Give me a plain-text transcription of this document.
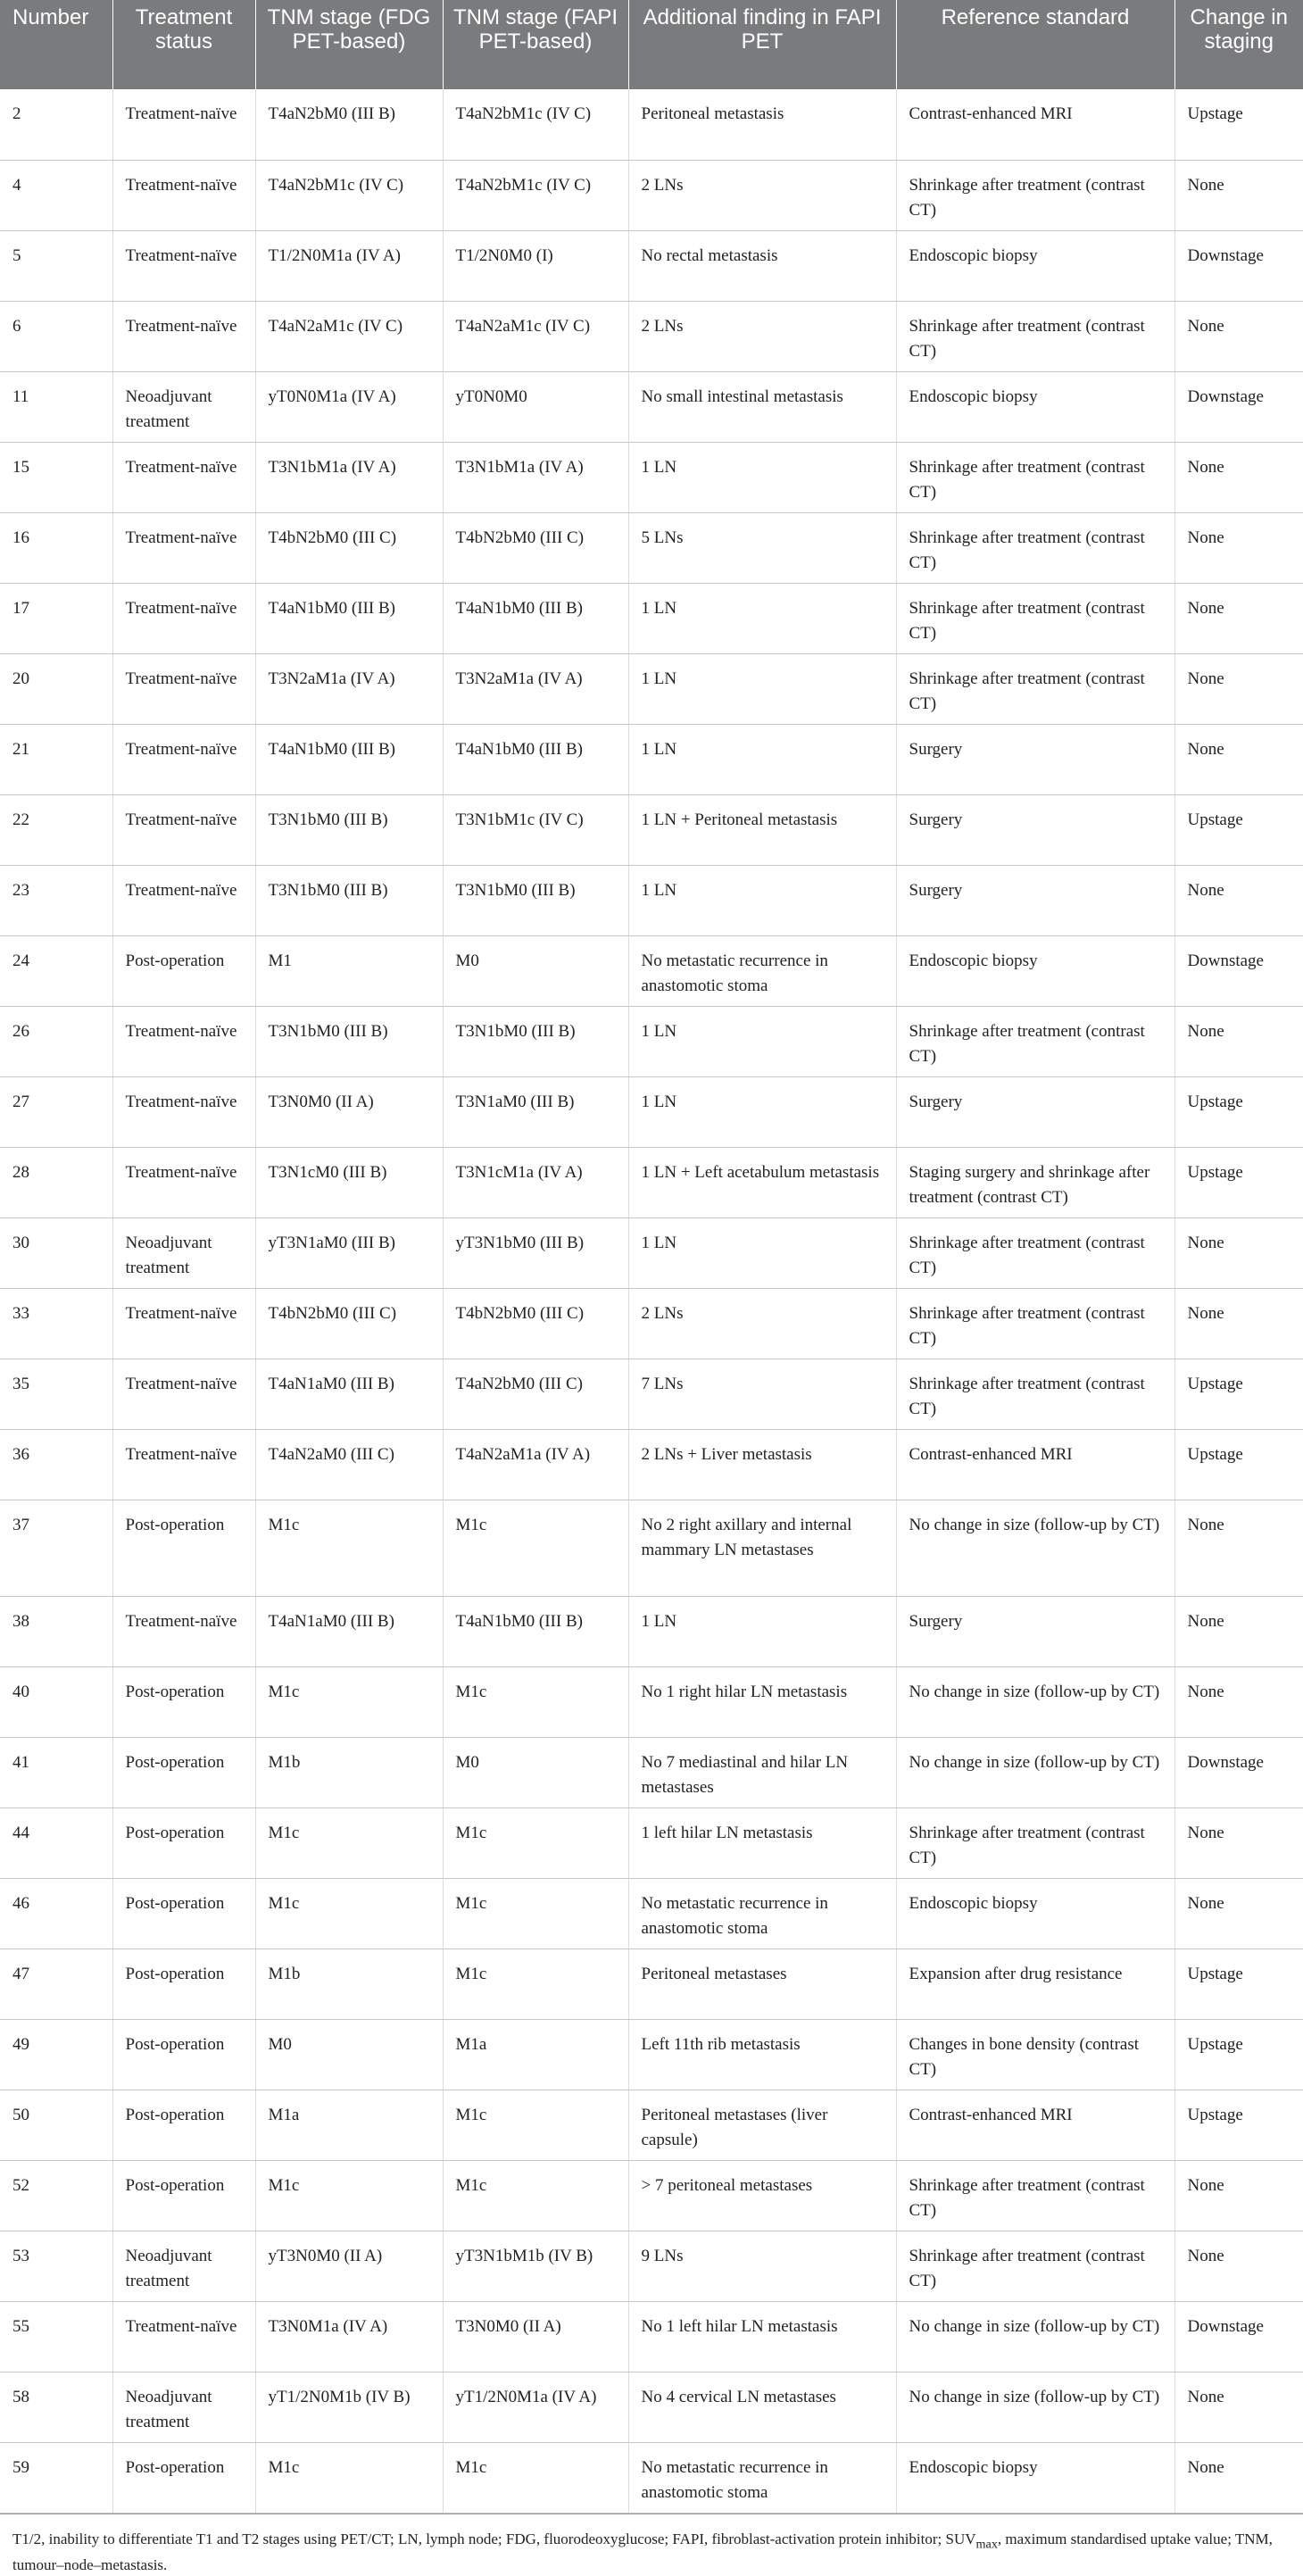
Number	Treatment status	TNM stage (FDG PET-based)	TNM stage (FAPI PET-based)	Additional finding in FAPI PET	Reference standard	Change in staging
2	Treatment-naïve	T4aN2bM0 (III B)	T4aN2bM1c (IV C)	Peritoneal metastasis	Contrast-enhanced MRI	Upstage
4	Treatment-naïve	T4aN2bM1c (IV C)	T4aN2bM1c (IV C)	2 LNs	Shrinkage after treatment (contrast CT)	None
5	Treatment-naïve	T1/2N0M1a (IV A)	T1/2N0M0 (I)	No rectal metastasis	Endoscopic biopsy	Downstage
6	Treatment-naïve	T4aN2aM1c (IV C)	T4aN2aM1c (IV C)	2 LNs	Shrinkage after treatment (contrast CT)	None
11	Neoadjuvant treatment	yT0N0M1a (IV A)	yT0N0M0	No small intestinal metastasis	Endoscopic biopsy	Downstage
15	Treatment-naïve	T3N1bM1a (IV A)	T3N1bM1a (IV A)	1 LN	Shrinkage after treatment (contrast CT)	None
16	Treatment-naïve	T4bN2bM0 (III C)	T4bN2bM0 (III C)	5 LNs	Shrinkage after treatment (contrast CT)	None
17	Treatment-naïve	T4aN1bM0 (III B)	T4aN1bM0 (III B)	1 LN	Shrinkage after treatment (contrast CT)	None
20	Treatment-naïve	T3N2aM1a (IV A)	T3N2aM1a (IV A)	1 LN	Shrinkage after treatment (contrast CT)	None
21	Treatment-naïve	T4aN1bM0 (III B)	T4aN1bM0 (III B)	1 LN	Surgery	None
22	Treatment-naïve	T3N1bM0 (III B)	T3N1bM1c (IV C)	1 LN + Peritoneal metastasis	Surgery	Upstage
23	Treatment-naïve	T3N1bM0 (III B)	T3N1bM0 (III B)	1 LN	Surgery	None
24	Post-operation	M1	M0	No metastatic recurrence in anastomotic stoma	Endoscopic biopsy	Downstage
26	Treatment-naïve	T3N1bM0 (III B)	T3N1bM0 (III B)	1 LN	Shrinkage after treatment (contrast CT)	None
27	Treatment-naïve	T3N0M0 (II A)	T3N1aM0 (III B)	1 LN	Surgery	Upstage
28	Treatment-naïve	T3N1cM0 (III B)	T3N1cM1a (IV A)	1 LN + Left acetabulum metastasis	Staging surgery and shrinkage after treatment (contrast CT)	Upstage
30	Neoadjuvant treatment	yT3N1aM0 (III B)	yT3N1bM0 (III B)	1 LN	Shrinkage after treatment (contrast CT)	None
33	Treatment-naïve	T4bN2bM0 (III C)	T4bN2bM0 (III C)	2 LNs	Shrinkage after treatment (contrast CT)	None
35	Treatment-naïve	T4aN1aM0 (III B)	T4aN2bM0 (III C)	7 LNs	Shrinkage after treatment (contrast CT)	Upstage
36	Treatment-naïve	T4aN2aM0 (III C)	T4aN2aM1a (IV A)	2 LNs + Liver metastasis	Contrast-enhanced MRI	Upstage
37	Post-operation	M1c	M1c	No 2 right axillary and internal mammary LN metastases	No change in size (follow-up by CT)	None
38	Treatment-naïve	T4aN1aM0 (III B)	T4aN1bM0 (III B)	1 LN	Surgery	None
40	Post-operation	M1c	M1c	No 1 right hilar LN metastasis	No change in size (follow-up by CT)	None
41	Post-operation	M1b	M0	No 7 mediastinal and hilar LN metastases	No change in size (follow-up by CT)	Downstage
44	Post-operation	M1c	M1c	1 left hilar LN metastasis	Shrinkage after treatment (contrast CT)	None
46	Post-operation	M1c	M1c	No metastatic recurrence in anastomotic stoma	Endoscopic biopsy	None
47	Post-operation	M1b	M1c	Peritoneal metastases	Expansion after drug resistance	Upstage
49	Post-operation	M0	M1a	Left 11th rib metastasis	Changes in bone density (contrast CT)	Upstage
50	Post-operation	M1a	M1c	Peritoneal metastases (liver capsule)	Contrast-enhanced MRI	Upstage
52	Post-operation	M1c	M1c	> 7 peritoneal metastases	Shrinkage after treatment (contrast CT)	None
53	Neoadjuvant treatment	yT3N0M0 (II A)	yT3N1bM1b (IV B)	9 LNs	Shrinkage after treatment (contrast CT)	None
55	Treatment-naïve	T3N0M1a (IV A)	T3N0M0 (II A)	No 1 left hilar LN metastasis	No change in size (follow-up by CT)	Downstage
58	Neoadjuvant treatment	yT1/2N0M1b (IV B)	yT1/2N0M1a (IV A)	No 4 cervical LN metastases	No change in size (follow-up by CT)	None
59	Post-operation	M1c	M1c	No metastatic recurrence in anastomotic stoma	Endoscopic biopsy	None
T1/2, inability to differentiate T1 and T2 stages using PET/CT; LN, lymph node; FDG, fluorodeoxyglucose; FAPI, fibroblast-activation protein inhibitor; $SUV_{max}$, maximum standardised uptake value; TNM, tumour–node–metastasis.
